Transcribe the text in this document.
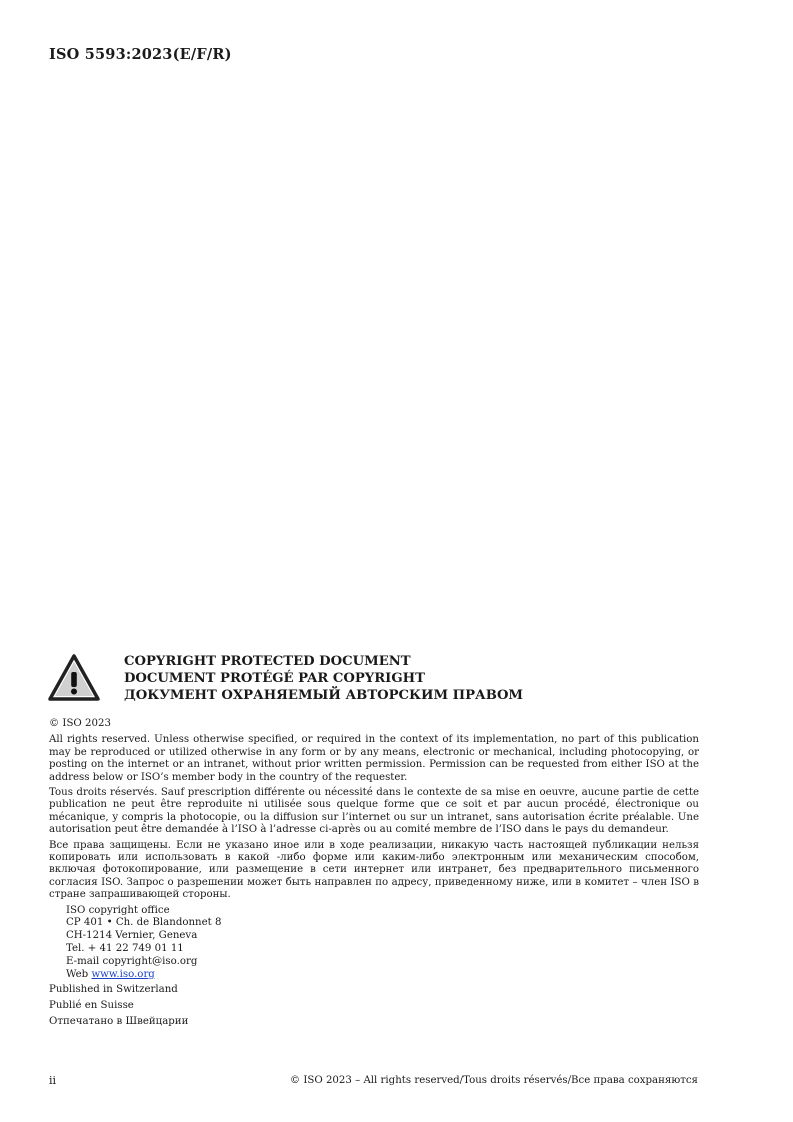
ISO 5593:2023(E/F/R)
COPYRIGHT PROTECTED DOCUMENT
DOCUMENT PROTÉGÉ PAR COPYRIGHT
ДОКУМЕНТ ОХРАНЯЕМЫЙ АВТОРСКИМ ПРАВОМ

© ISO 2023

All rights reserved. Unless otherwise specified, or required in the context of its implementation, no part of this publication may be reproduced or utilized otherwise in any form or by any means, electronic or mechanical, including photocopying, or posting on the internet or an intranet, without prior written permission. Permission can be requested from either ISO at the address below or ISO’s member body in the country of the requester.

Tous droits réservés. Sauf prescription différente ou nécessité dans le contexte de sa mise en oeuvre, aucune partie de cette publication ne peut être reproduite ni utilisée sous quelque forme que ce soit et par aucun procédé, électronique ou mécanique, y compris la photocopie, ou la diffusion sur l’internet ou sur un intranet, sans autorisation écrite préalable. Une autorisation peut être demandée à l’ISO à l’adresse ci-après ou au comité membre de l’ISO dans le pays du demandeur.

Все права защищены. Если не указано иное или в ходе реализации, никакую часть настоящей публикации нельзя копировать или использовать в какой -либо форме или каким-либо электронным или механическим способом, включая фотокопирование, или размещение в сети интернет или интранет, без предварительного письменного согласия ISO. Запрос о разрешении может быть направлен по адресу, приведенному ниже, или в комитет – член ISO в стране запрашивающей стороны.

ISO copyright office
CP 401 • Ch. de Blandonnet 8
CH-1214 Vernier, Geneva
Tel. + 41 22 749 01 11
E-mail copyright@iso.org
Web www.iso.org

Published in Switzerland

Publié en Suisse

Отпечатано в Швейцарии

ii	© ISO 2023 – All rights reserved/Tous droits réservés/Все права сохраняются
